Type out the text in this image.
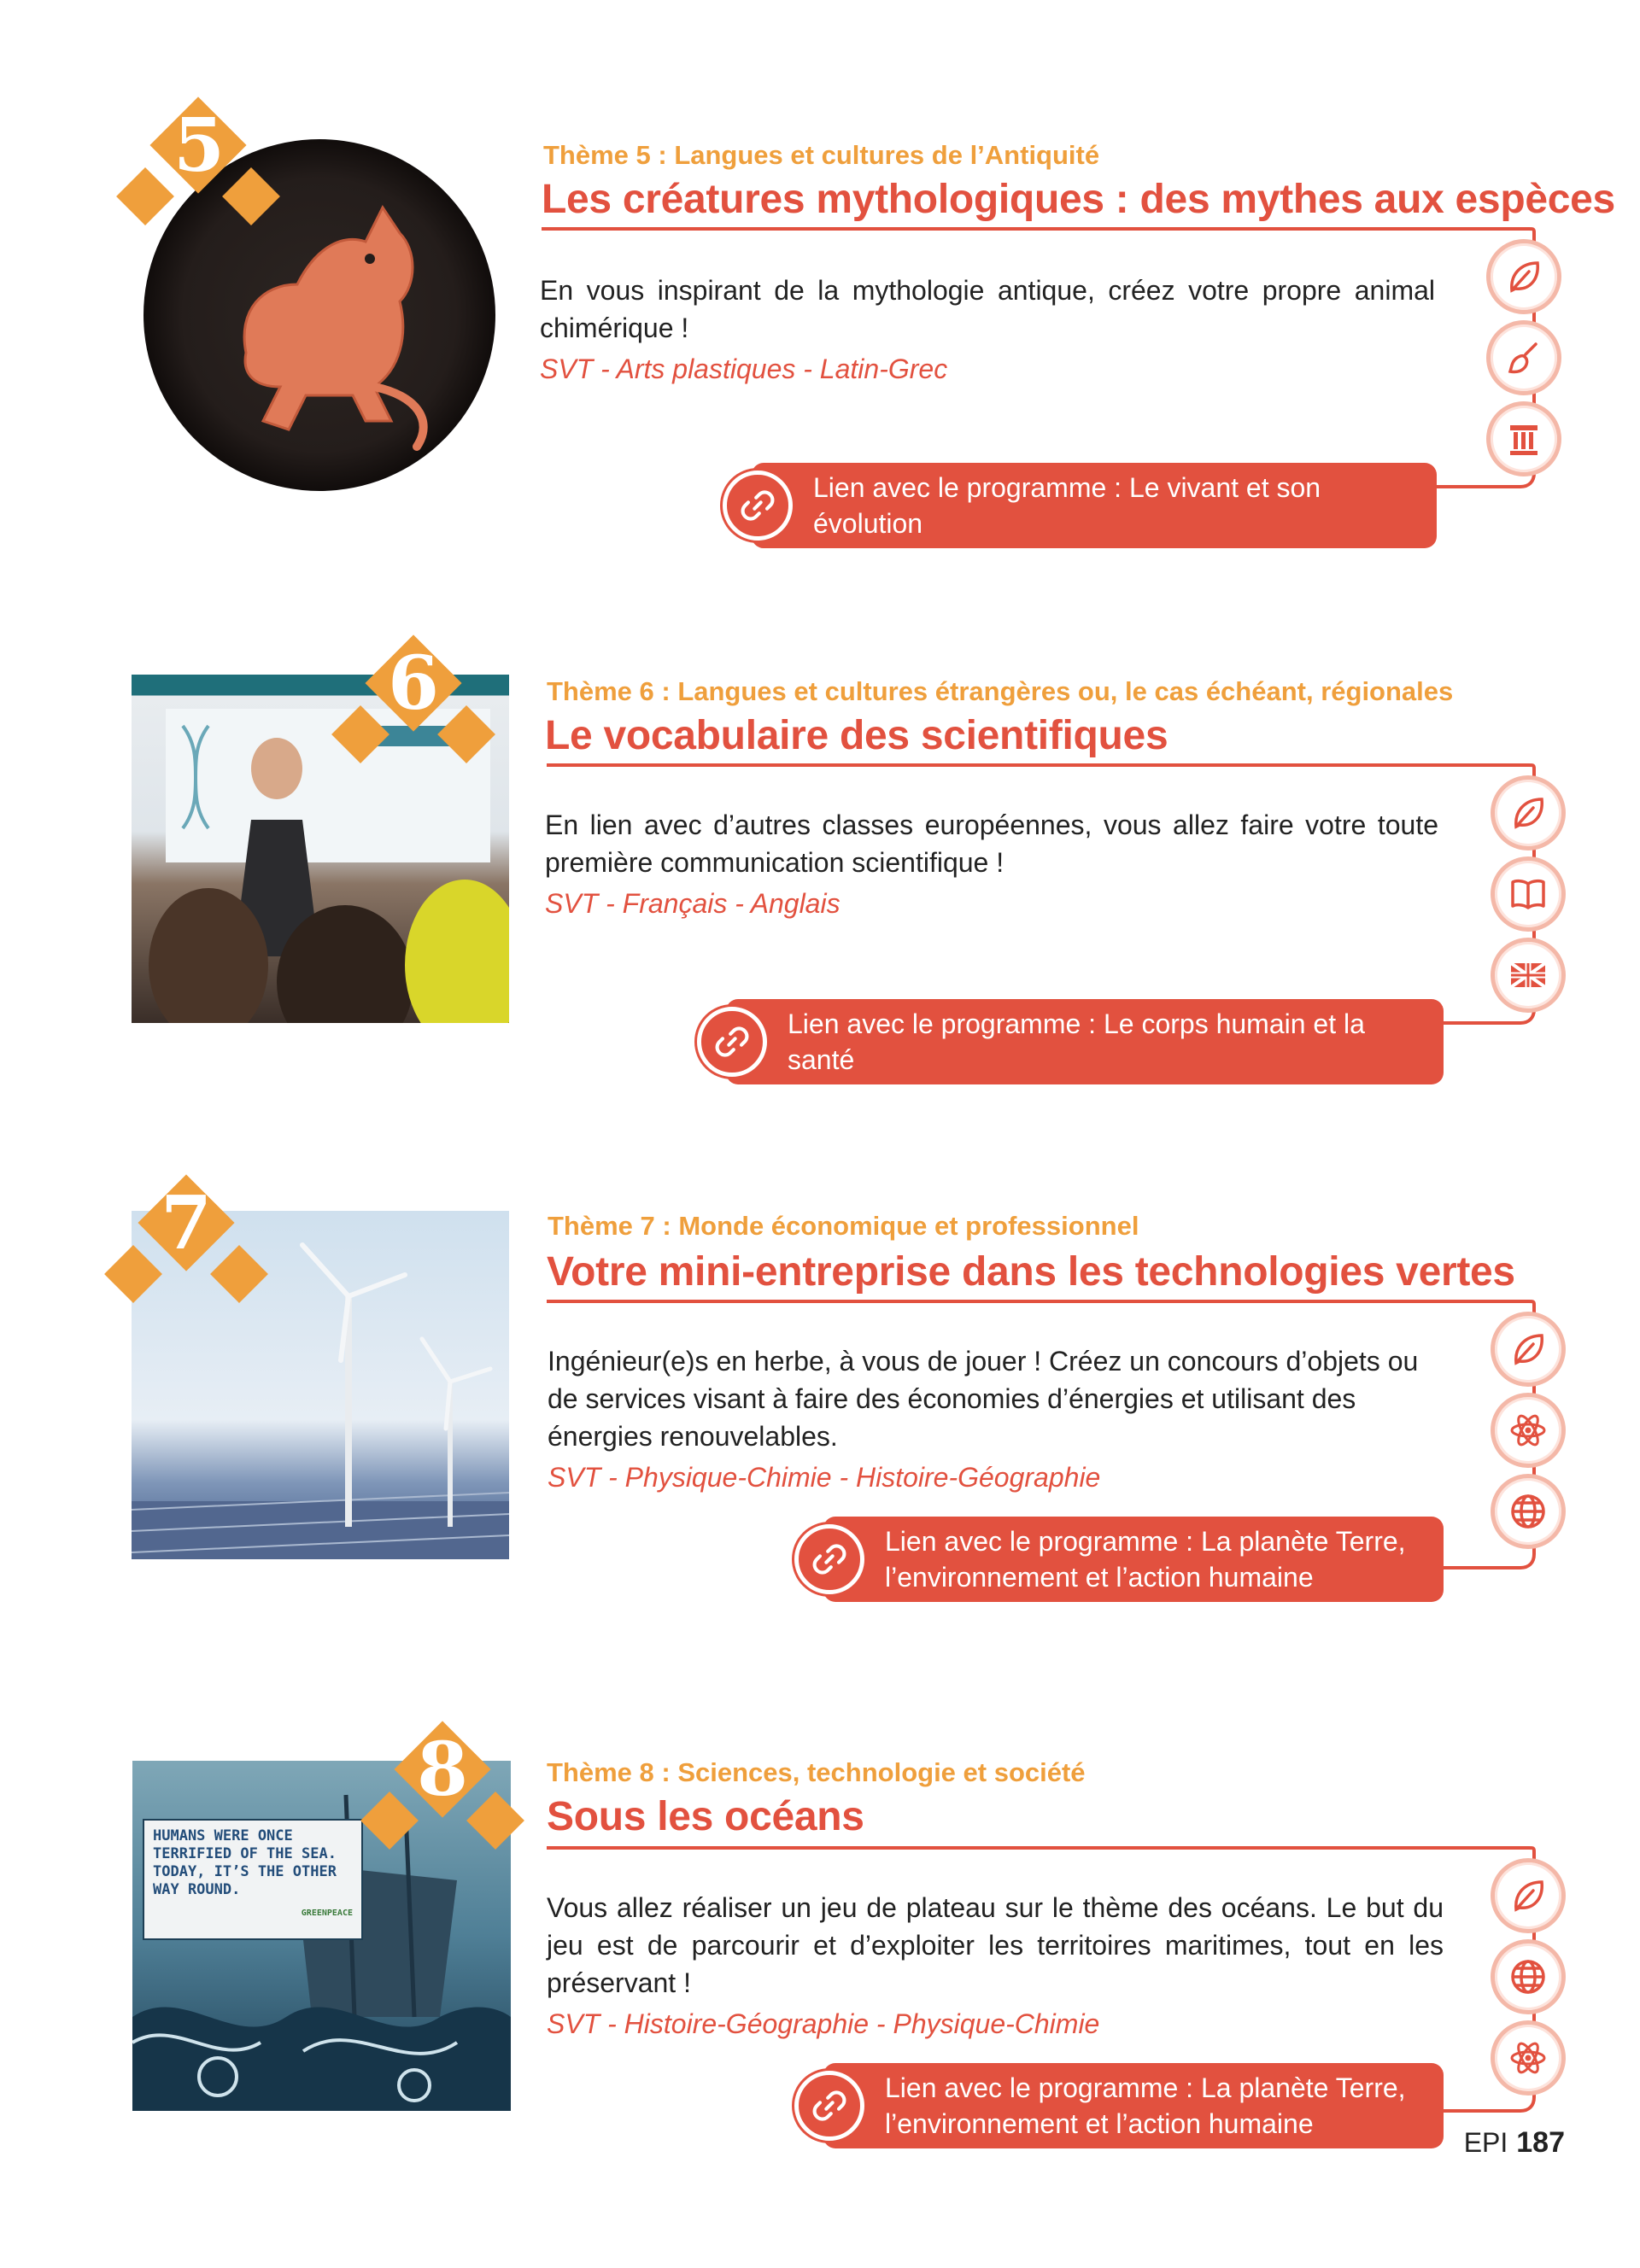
5	Thème 5 : Langues et cultures de l’Antiquité
Les créatures mythologiques : des mythes aux espèces
En vous inspirant de la mythologie antique, créez votre propre animal chimérique !
SVT - Arts plastiques - Latin-Grec
Lien avec le programme : Le vivant et son évolution
6	Thème 6 : Langues et cultures étrangères ou, le cas échéant, régionales
Le vocabulaire des scientifiques
En lien avec d’autres classes européennes, vous allez faire votre toute première communication scientifique !
SVT - Français - Anglais
Lien avec le programme : Le corps humain et la santé
7	Thème 7 : Monde économique et professionnel
Votre mini-entreprise dans les technologies vertes
Ingénieur(e)s en herbe, à vous de jouer ! Créez un concours d’objets ou de services visant à faire des économies d’énergies et utilisant des énergies renouvelables.
SVT - Physique-Chimie - Histoire-Géographie
Lien avec le programme : La planète Terre,
l’environnement et l’action humaine
HUMANS WERE ONCE
TERRIFIED OF THE SEA.
TODAY, IT’S THE OTHER
WAY ROUND.
GREENPEACE
8	Thème 8 : Sciences, technologie et société
Sous les océans
Vous allez réaliser un jeu de plateau sur le thème des océans. Le but du jeu est de parcourir et d’exploiter les territoires maritimes, tout en les préservant !
SVT - Histoire-Géographie - Physique-Chimie
Lien avec le programme : La planète Terre,
l’environnement et l’action humaine
EPI 187
